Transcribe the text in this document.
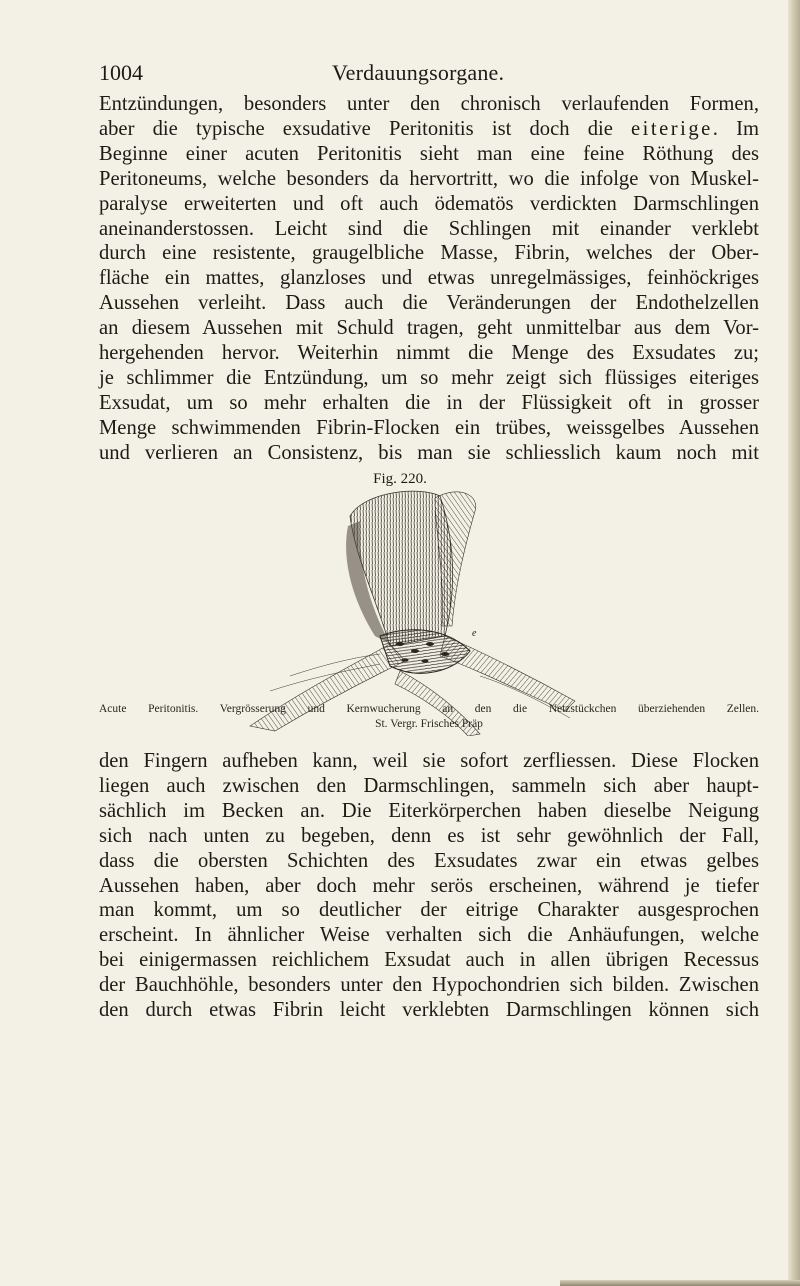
1004	Verdauungsorgane.
Entzündungen, besonders unter den chronisch verlaufenden Formen,
aber die typische exsudative Peritonitis ist doch die eiterige. Im
Beginne einer acuten Peritonitis sieht man eine feine Röthung des
Peritoneums, welche besonders da hervortritt, wo die infolge von Muskel-
paralyse erweiterten und oft auch ödematös verdickten Darmschlingen
aneinanderstossen. Leicht sind die Schlingen mit einander verklebt
durch eine resistente, graugelbliche Masse, Fibrin, welches der Ober-
fläche ein mattes, glanzloses und etwas unregelmässiges, feinhöckriges
Aussehen verleiht. Dass auch die Veränderungen der Endothelzellen
an diesem Aussehen mit Schuld tragen, geht unmittelbar aus dem Vor-
hergehenden hervor. Weiterhin nimmt die Menge des Exsudates zu;
je schlimmer die Entzündung, um so mehr zeigt sich flüssiges eiteriges
Exsudat, um so mehr erhalten die in der Flüssigkeit oft in grosser
Menge schwimmenden Fibrin-Flocken ein trübes, weissgelbes Aussehen
und verlieren an Consistenz, bis man sie schliesslich kaum noch mit
Fig. 220.
e
Acute Peritonitis. Vergrösserung und Kernwucherung an den die Netzstückchen überziehenden Zellen.
St. Vergr. Frisches Präp
den Fingern aufheben kann, weil sie sofort zerfliessen. Diese Flocken
liegen auch zwischen den Darmschlingen, sammeln sich aber haupt-
sächlich im Becken an. Die Eiterkörperchen haben dieselbe Neigung
sich nach unten zu begeben, denn es ist sehr gewöhnlich der Fall,
dass die obersten Schichten des Exsudates zwar ein etwas gelbes
Aussehen haben, aber doch mehr serös erscheinen, während je tiefer
man kommt, um so deutlicher der eitrige Charakter ausgesprochen
erscheint. In ähnlicher Weise verhalten sich die Anhäufungen, welche
bei einigermassen reichlichem Exsudat auch in allen übrigen Recessus
der Bauchhöhle, besonders unter den Hypochondrien sich bilden. Zwischen
den durch etwas Fibrin leicht verklebten Darmschlingen können sich
